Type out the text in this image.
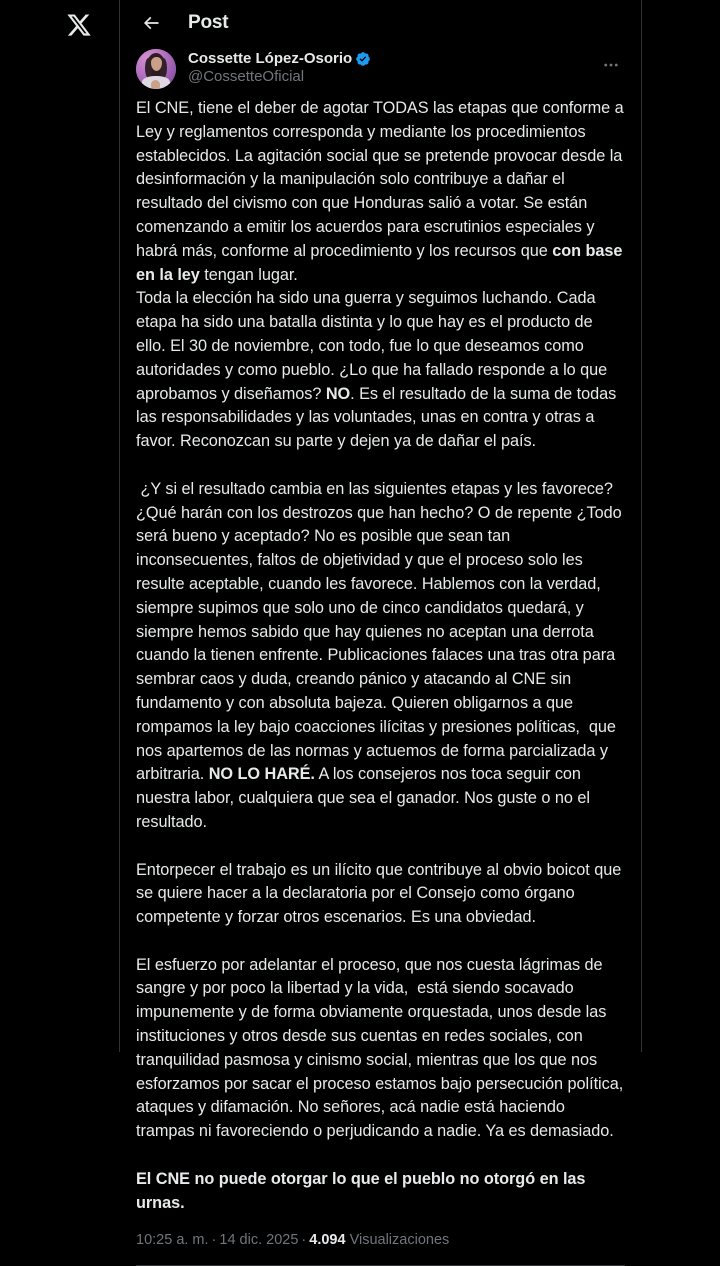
Post
Cossette López-Osorio
@CossetteOficial

El CNE, tiene el deber de agotar TODAS las etapas que conforme a Ley y reglamentos corresponda y mediante los procedimientos establecidos. La agitación social que se pretende provocar desde la desinformación y la manipulación solo contribuye a dañar el resultado del civismo con que Honduras salió a votar. Se están comenzando a emitir los acuerdos para escrutinios especiales y habrá más, conforme al procedimiento y los recursos que con base en la ley tengan lugar.

Toda la elección ha sido una guerra y seguimos luchando. Cada etapa ha sido una batalla distinta y lo que hay es el producto de ello. El 30 de noviembre, con todo, fue lo que deseamos como autoridades y como pueblo. ¿Lo que ha fallado responde a lo que aprobamos y diseñamos? NO. Es el resultado de la suma de todas las responsabilidades y las voluntades, unas en contra y otras a favor. Reconozcan su parte y dejen ya de dañar el país.

¿Y si el resultado cambia en las siguientes etapas y les favorece? ¿Qué harán con los destrozos que han hecho? O de repente ¿Todo será bueno y aceptado? No es posible que sean tan inconsecuentes, faltos de objetividad y que el proceso solo les resulte aceptable, cuando les favorece. Hablemos con la verdad, siempre supimos que solo uno de cinco candidatos quedará, y siempre hemos sabido que hay quienes no aceptan una derrota cuando la tienen enfrente. Publicaciones falaces una tras otra para sembrar caos y duda, creando pánico y atacando al CNE sin fundamento y con absoluta bajeza. Quieren obligarnos a que rompamos la ley bajo coacciones ilícitas y presiones políticas,  que nos apartemos de las normas y actuemos de forma parcializada y arbitraria. NO LO HARÉ. A los consejeros nos toca seguir con nuestra labor, cualquiera que sea el ganador. Nos guste o no el resultado.

Entorpecer el trabajo es un ilícito que contribuye al obvio boicot que se quiere hacer a la declaratoria por el Consejo como órgano competente y forzar otros escenarios. Es una obviedad.

El esfuerzo por adelantar el proceso, que nos cuesta lágrimas de sangre y por poco la libertad y la vida,  está siendo socavado impunemente y de forma obviamente orquestada, unos desde las instituciones y otros desde sus cuentas en redes sociales, con tranquilidad pasmosa y cinismo social, mientras que los que nos esforzamos por sacar el proceso estamos bajo persecución política, ataques y difamación. No señores, acá nadie está haciendo trampas ni favoreciendo o perjudicando a nadie. Ya es demasiado.

El CNE no puede otorgar lo que el pueblo no otorgó en las urnas.

10:25 a. m. · 14 dic. 2025 · 4.094 Visualizaciones
